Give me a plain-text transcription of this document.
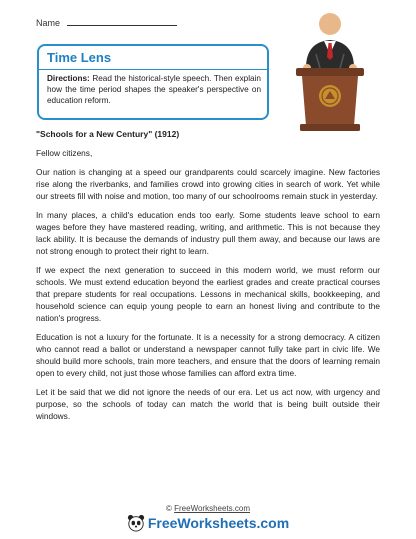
Name
Time Lens
Directions: Read the historical-style speech. Then explain how the time period shapes the speaker's perspective on education reform.
"Schools for a New Century" (1912)

Fellow citizens,

Our nation is changing at a speed our grandparents could scarcely imagine. New factories rise along the riverbanks, and families crowd into growing cities in search of work. Yet while our streets fill with noise and motion, too many of our schoolrooms remain stuck in yesterday.

In many places, a child's education ends too early. Some students leave school to earn wages before they have mastered reading, writing, and arithmetic. This is not because they lack ability. It is because the demands of industry pull them away, and because our laws are not strong enough to protect their right to learn.

If we expect the next generation to succeed in this modern world, we must reform our schools. We must extend education beyond the earliest grades and create practical courses that prepare students for real occupations. Lessons in mechanical skills, bookkeeping, and household science can equip young people to earn an honest living and contribute to the nation's progress.

Education is not a luxury for the fortunate. It is a necessity for a strong democracy. A citizen who cannot read a ballot or understand a newspaper cannot fully take part in civic life. We should build more schools, train more teachers, and ensure that the doors of learning remain open to every child, not just those whose families can afford extra time.

Let it be said that we did not ignore the needs of our era. Let us act now, with urgency and purpose, so the schools of today can match the world that is being built outside their windows.

© FreeWorksheets.com
FreeWorksheets.com
